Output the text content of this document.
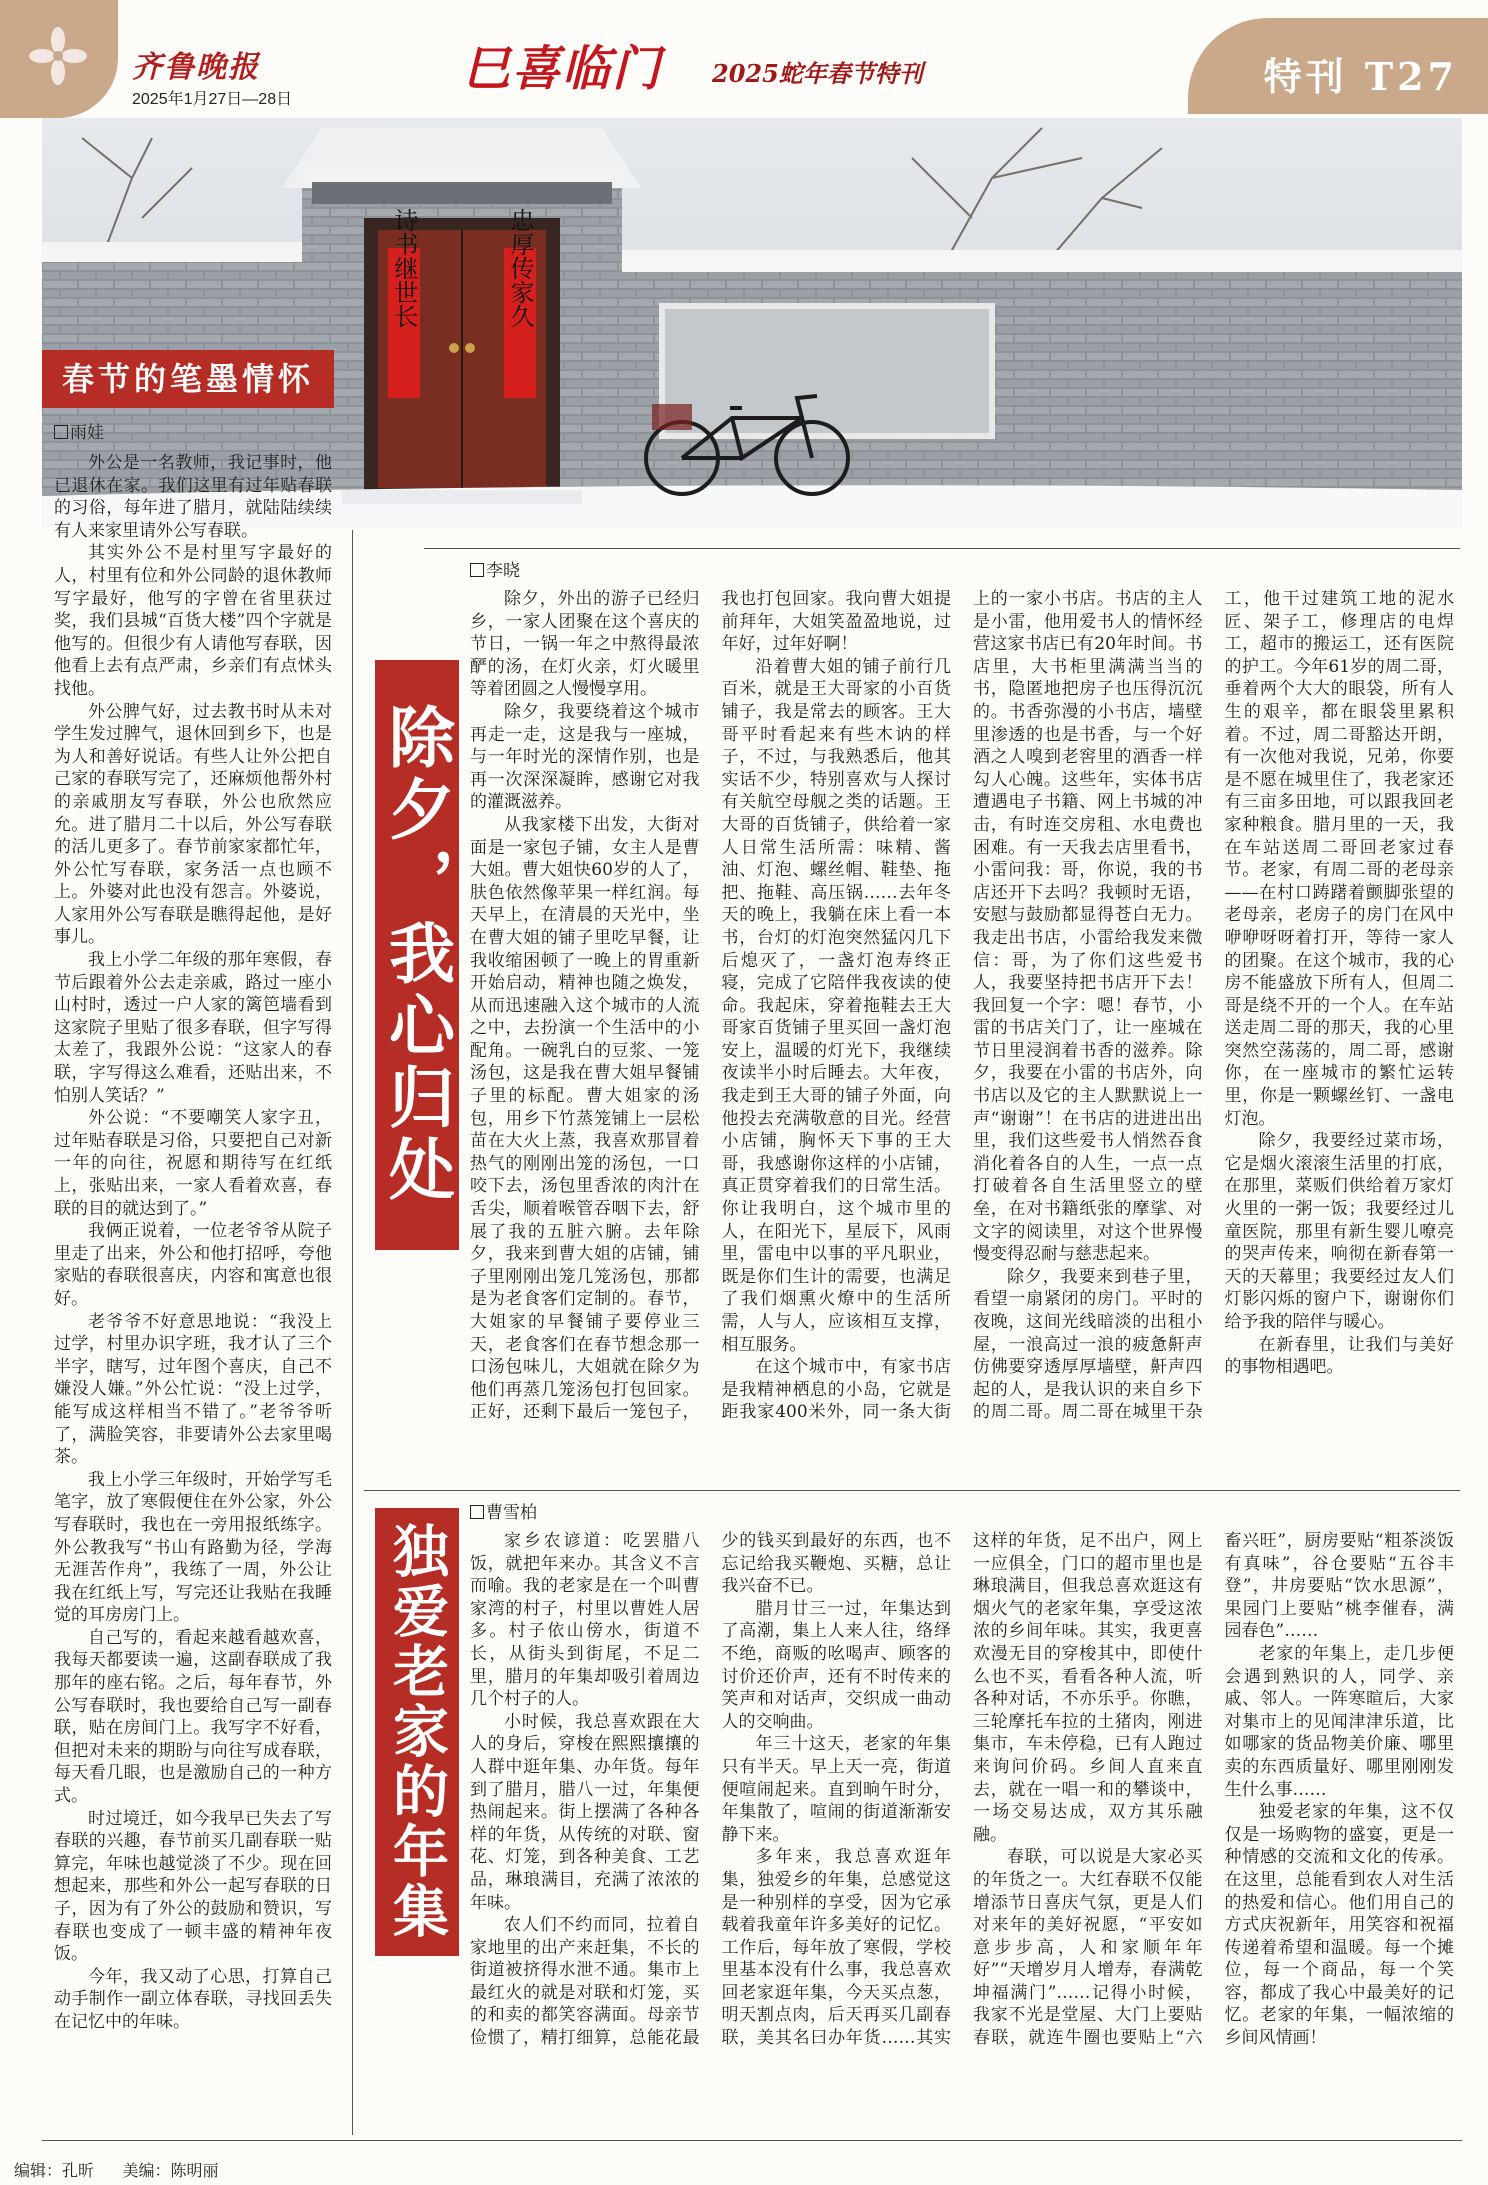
齐鲁晚报
2025年1月27日—28日
巳喜临门 2025蛇年春节特刊	特刊 T27
诗书继世长	忠厚传家久
春节的笔墨情怀
雨娃

外公是一名教师，我记事时，他已退休在家。我们这里有过年贴春联的习俗，每年进了腊月，就陆陆续续有人来家里请外公写春联。

其实外公不是村里写字最好的人，村里有位和外公同龄的退休教师写字最好，他写的字曾在省里获过奖，我们县城“百货大楼”四个字就是他写的。但很少有人请他写春联，因他看上去有点严肃，乡亲们有点怵头找他。

外公脾气好，过去教书时从未对学生发过脾气，退休回到乡下，也是为人和善好说话。有些人让外公把自己家的春联写完了，还麻烦他帮外村的亲戚朋友写春联，外公也欣然应允。进了腊月二十以后，外公写春联的活儿更多了。春节前家家都忙年，外公忙写春联，家务活一点也顾不上。外婆对此也没有怨言。外婆说，人家用外公写春联是瞧得起他，是好事儿。

我上小学二年级的那年寒假，春节后跟着外公去走亲戚，路过一座小山村时，透过一户人家的篱笆墙看到这家院子里贴了很多春联，但字写得太差了，我跟外公说：“这家人的春联，字写得这么难看，还贴出来，不怕别人笑话？”

外公说：“不要嘲笑人家字丑，过年贴春联是习俗，只要把自己对新一年的向往，祝愿和期待写在红纸上，张贴出来，一家人看着欢喜，春联的目的就达到了。”

我俩正说着，一位老爷爷从院子里走了出来，外公和他打招呼，夸他家贴的春联很喜庆，内容和寓意也很好。

老爷爷不好意思地说：“我没上过学，村里办识字班，我才认了三个半字，瞎写，过年图个喜庆，自己不嫌没人嫌。”外公忙说：“没上过学，能写成这样相当不错了。”老爷爷听了，满脸笑容，非要请外公去家里喝茶。

我上小学三年级时，开始学写毛笔字，放了寒假便住在外公家，外公写春联时，我也在一旁用报纸练字。外公教我写“书山有路勤为径，学海无涯苦作舟”，我练了一周，外公让我在红纸上写，写完还让我贴在我睡觉的耳房房门上。

自己写的，看起来越看越欢喜，我每天都要读一遍，这副春联成了我那年的座右铭。之后，每年春节，外公写春联时，我也要给自己写一副春联，贴在房间门上。我写字不好看，但把对未来的期盼与向往写成春联，每天看几眼，也是激励自己的一种方式。

时过境迁，如今我早已失去了写春联的兴趣，春节前买几副春联一贴算完，年味也越觉淡了不少。现在回想起来，那些和外公一起写春联的日子，因为有了外公的鼓励和赞识，写春联也变成了一顿丰盛的精神年夜饭。

今年，我又动了心思，打算自己动手制作一副立体春联，寻找回丢失在记忆中的年味。

除夕，我心归处
李晓

除夕，外出的游子已经归乡，一家人团聚在这个喜庆的节日，一锅一年之中熬得最浓酽的汤，在灯火亲，灯火暖里等着团圆之人慢慢享用。

除夕，我要绕着这个城市再走一走，这是我与一座城，与一年时光的深情作别，也是再一次深深凝眸，感谢它对我的灌溉滋养。

从我家楼下出发，大街对面是一家包子铺，女主人是曹大姐。曹大姐快60岁的人了，肤色依然像苹果一样红润。每天早上，在清晨的天光中，坐在曹大姐的铺子里吃早餐，让我收缩困顿了一晚上的胃重新开始启动，精神也随之焕发，从而迅速融入这个城市的人流之中，去扮演一个生活中的小配角。一碗乳白的豆浆、一笼汤包，这是我在曹大姐早餐铺子里的标配。曹大姐家的汤包，用乡下竹蒸笼铺上一层松苗在大火上蒸，我喜欢那冒着热气的刚刚出笼的汤包，一口咬下去，汤包里香浓的肉汁在舌尖，顺着喉管吞咽下去，舒展了我的五脏六腑。去年除夕，我来到曹大姐的店铺，铺子里刚刚出笼几笼汤包，那都是为老食客们定制的。春节，大姐家的早餐铺子要停业三天，老食客们在春节想念那一口汤包味儿，大姐就在除夕为他们再蒸几笼汤包打包回家。正好，还剩下最后一笼包子，我也打包回家。我向曹大姐提前拜年，大姐笑盈盈地说，过年好，过年好啊！

沿着曹大姐的铺子前行几百米，就是王大哥家的小百货铺子，我是常去的顾客。王大哥平时看起来有些木讷的样子，不过，与我熟悉后，他其实话不少，特别喜欢与人探讨有关航空母舰之类的话题。王大哥的百货铺子，供给着一家人日常生活所需：味精、酱油、灯泡、螺丝帽、鞋垫、拖把、拖鞋、高压锅……去年冬天的晚上，我躺在床上看一本书，台灯的灯泡突然猛闪几下后熄灭了，一盏灯泡寿终正寝，完成了它陪伴我夜读的使命。我起床，穿着拖鞋去王大哥家百货铺子里买回一盏灯泡安上，温暖的灯光下，我继续夜读半小时后睡去。大年夜，我走到王大哥的铺子外面，向他投去充满敬意的目光。经营小店铺，胸怀天下事的王大哥，我感谢你这样的小店铺，真正贯穿着我们的日常生活。你让我明白，这个城市里的人，在阳光下，星辰下，风雨里，雷电中以事的平凡职业，既是你们生计的需要，也满足了我们烟熏火燎中的生活所需，人与人，应该相互支撑，相互服务。

在这个城市中，有家书店是我精神栖息的小岛，它就是距我家400米外，同一条大街上的一家小书店。书店的主人是小雷，他用爱书人的情怀经营这家书店已有20年时间。书店里，大书柜里满满当当的书，隐匿地把房子也压得沉沉的。书香弥漫的小书店，墙壁里渗透的也是书香，与一个好酒之人嗅到老窖里的酒香一样勾人心魄。这些年，实体书店遭遇电子书籍、网上书城的冲击，有时连交房租、水电费也困难。有一天我去店里看书，小雷问我：哥，你说，我的书店还开下去吗？我顿时无语，安慰与鼓励都显得苍白无力。我走出书店，小雷给我发来微信：哥，为了你们这些爱书人，我要坚持把书店开下去！我回复一个字：嗯！春节，小雷的书店关门了，让一座城在节日里浸润着书香的滋养。除夕，我要在小雷的书店外，向书店以及它的主人默默说上一声“谢谢”！在书店的进进出出里，我们这些爱书人悄然吞食消化着各自的人生，一点一点打破着各自生活里竖立的壁垒，在对书籍纸张的摩挲、对文字的阅读里，对这个世界慢慢变得忍耐与慈悲起来。

除夕，我要来到巷子里，看望一扇紧闭的房门。平时的夜晚，这间光线暗淡的出租小屋，一浪高过一浪的疲惫鼾声仿佛要穿透厚厚墙壁，鼾声四起的人，是我认识的来自乡下的周二哥。周二哥在城里干杂工，他干过建筑工地的泥水匠、架子工，修理店的电焊工，超市的搬运工，还有医院的护工。今年61岁的周二哥，垂着两个大大的眼袋，所有人生的艰辛，都在眼袋里累积着。不过，周二哥豁达开朗，有一次他对我说，兄弟，你要是不愿在城里住了，我老家还有三亩多田地，可以跟我回老家种粮食。腊月里的一天，我在车站送周二哥回老家过春节。老家，有周二哥的老母亲——在村口踌躇着颤脚张望的老母亲，老房子的房门在风中咿咿呀呀着打开，等待一家人的团聚。在这个城市，我的心房不能盛放下所有人，但周二哥是绕不开的一个人。在车站送走周二哥的那天，我的心里突然空荡荡的，周二哥，感谢你，在一座城市的繁忙运转里，你是一颗螺丝钉、一盏电灯泡。

除夕，我要经过菜市场，它是烟火滚滚生活里的打底，在那里，菜贩们供给着万家灯火里的一粥一饭；我要经过儿童医院，那里有新生婴儿嘹亮的哭声传来，响彻在新春第一天的天幕里；我要经过友人们灯影闪烁的窗户下，谢谢你们给予我的陪伴与暖心。

在新春里，让我们与美好的事物相遇吧。

独爱老家的年集
曹雪柏

家乡农谚道：吃罢腊八饭，就把年来办。其含义不言而喻。我的老家是在一个叫曹家湾的村子，村里以曹姓人居多。村子依山傍水，街道不长，从街头到街尾，不足二里，腊月的年集却吸引着周边几个村子的人。

小时候，我总喜欢跟在大人的身后，穿梭在熙熙攘攘的人群中逛年集、办年货。每年到了腊月，腊八一过，年集便热闹起来。街上摆满了各种各样的年货，从传统的对联、窗花、灯笼，到各种美食、工艺品，琳琅满目，充满了浓浓的年味。

农人们不约而同，拉着自家地里的出产来赶集，不长的街道被挤得水泄不通。集市上最红火的就是对联和灯笼，买的和卖的都笑容满面。母亲节俭惯了，精打细算，总能花最少的钱买到最好的东西，也不忘记给我买鞭炮、买糖，总让我兴奋不已。

腊月廿三一过，年集达到了高潮，集上人来人往，络绎不绝，商贩的吆喝声、顾客的讨价还价声，还有不时传来的笑声和对话声，交织成一曲动人的交响曲。

年三十这天，老家的年集只有半天。早上天一亮，街道便喧闹起来。直到晌午时分，年集散了，喧闹的街道渐渐安静下来。

多年来，我总喜欢逛年集，独爱乡的年集，总感觉这是一种别样的享受，因为它承载着我童年许多美好的记忆。工作后，每年放了寒假，学校里基本没有什么事，我总喜欢回老家逛年集，今天买点葱，明天割点肉，后天再买几副春联，美其名曰办年货……其实这样的年货，足不出户，网上一应俱全，门口的超市里也是琳琅满目，但我总喜欢逛这有烟火气的老家年集，享受这浓浓的乡间年味。其实，我更喜欢漫无目的穿梭其中，即使什么也不买，看看各种人流，听各种对话，不亦乐乎。你瞧，三轮摩托车拉的土猪肉，刚进集市，车未停稳，已有人跑过来询问价码。乡间人直来直去，就在一唱一和的攀谈中，一场交易达成，双方其乐融融。

春联，可以说是大家必买的年货之一。大红春联不仅能增添节日喜庆气氛，更是人们对来年的美好祝愿，“平安如意步步高，人和家顺年年好”“天增岁月人增寿，春满乾坤福满门”……记得小时候，我家不光是堂屋、大门上要贴春联，就连牛圈也要贴上“六畜兴旺”，厨房要贴“粗茶淡饭有真味”，谷仓要贴“五谷丰登”，井房要贴“饮水思源”，果园门上要贴“桃李催春，满园春色”……

老家的年集上，走几步便会遇到熟识的人，同学、亲戚、邻人。一阵寒暄后，大家对集市上的见闻津津乐道，比如哪家的货品物美价廉、哪里卖的东西质量好、哪里刚刚发生什么事……

独爱老家的年集，这不仅仅是一场购物的盛宴，更是一种情感的交流和文化的传承。在这里，总能看到农人对生活的热爱和信心。他们用自己的方式庆祝新年，用笑容和祝福传递着希望和温暖。每一个摊位，每一个商品，每一个笑容，都成了我心中最美好的记忆。老家的年集，一幅浓缩的乡间风情画！

编辑：孔昕 美编：陈明丽
